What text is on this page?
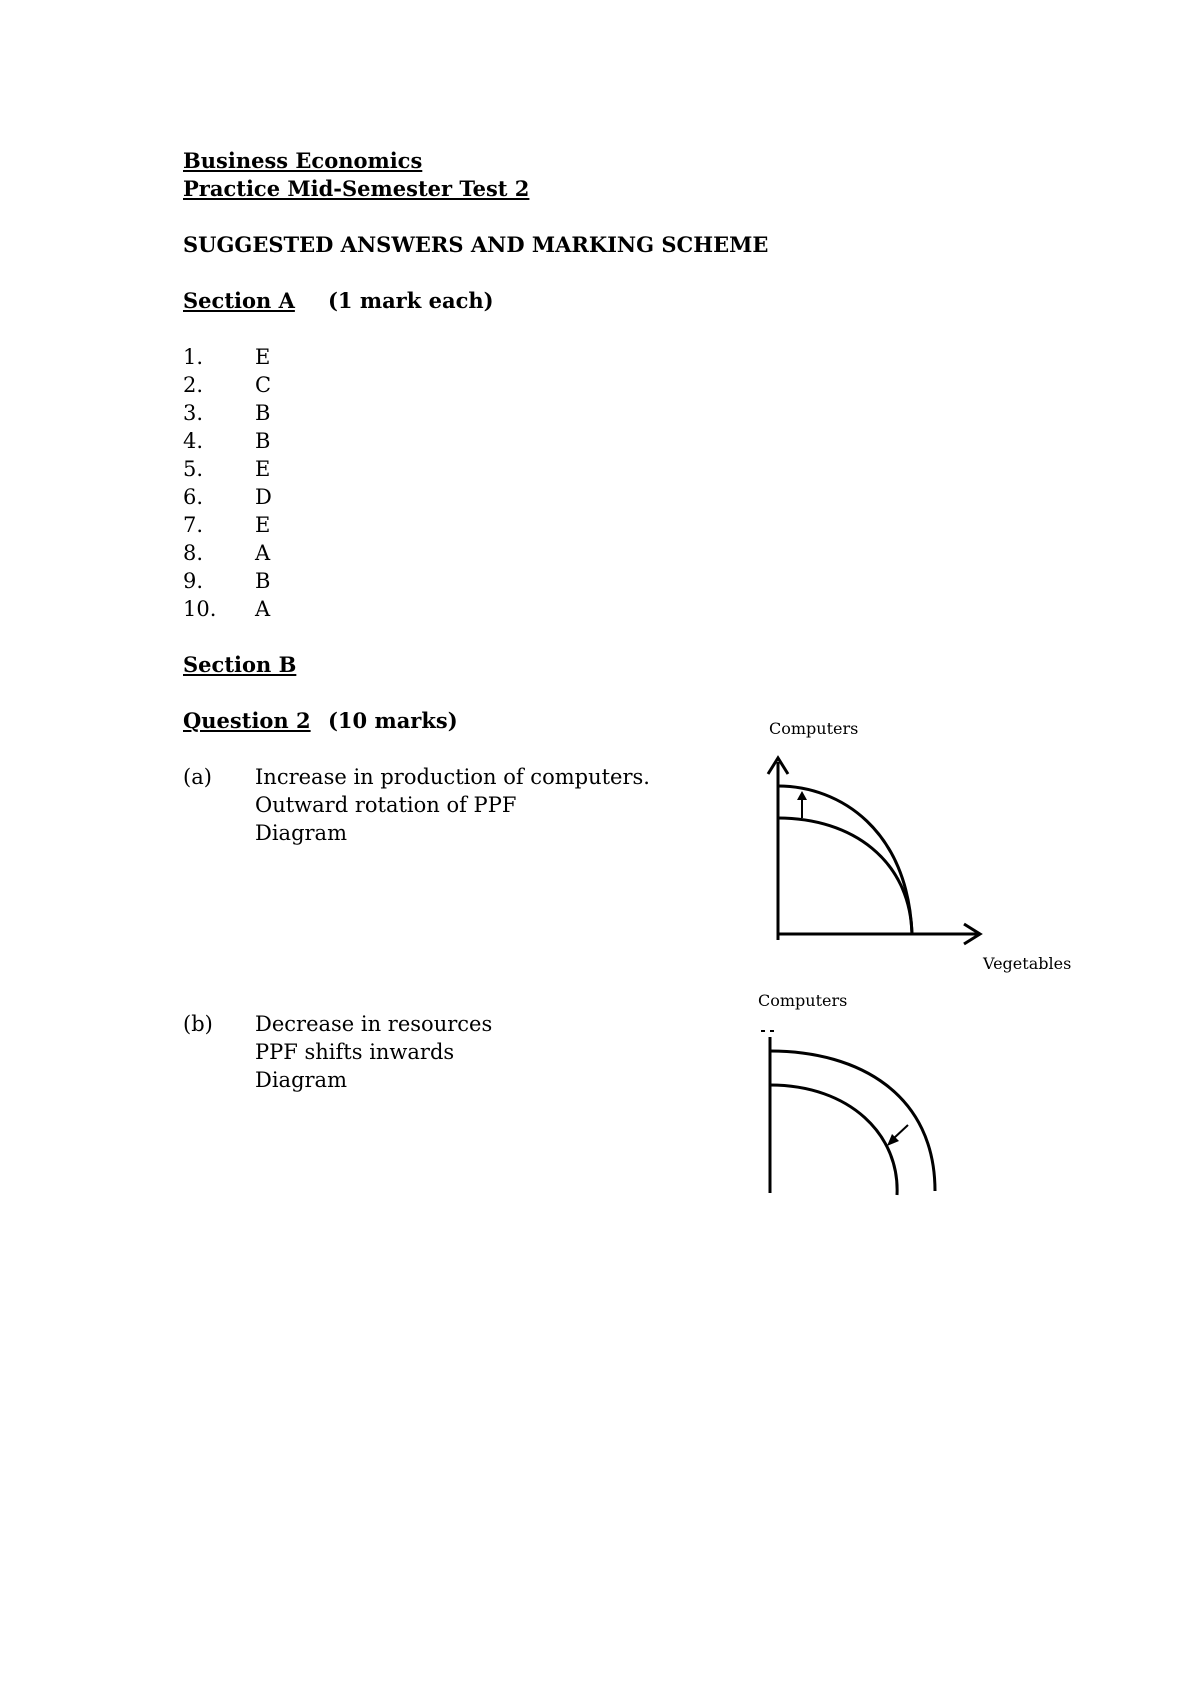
Business Economics
Practice Mid-Semester Test 2
SUGGESTED ANSWERS AND MARKING SCHEME
Section A (1 mark each)
1. E
2. C
3. B
4. B
5. E
6. D
7. E
8. A
9. B
10. A
Section B
Question 2 (10 marks)
(a) Increase in production of computers.
Outward rotation of PPF
Diagram
(b) Decrease in resources
PPF shifts inwards
Diagram
Computers
Vegetables
Computers
